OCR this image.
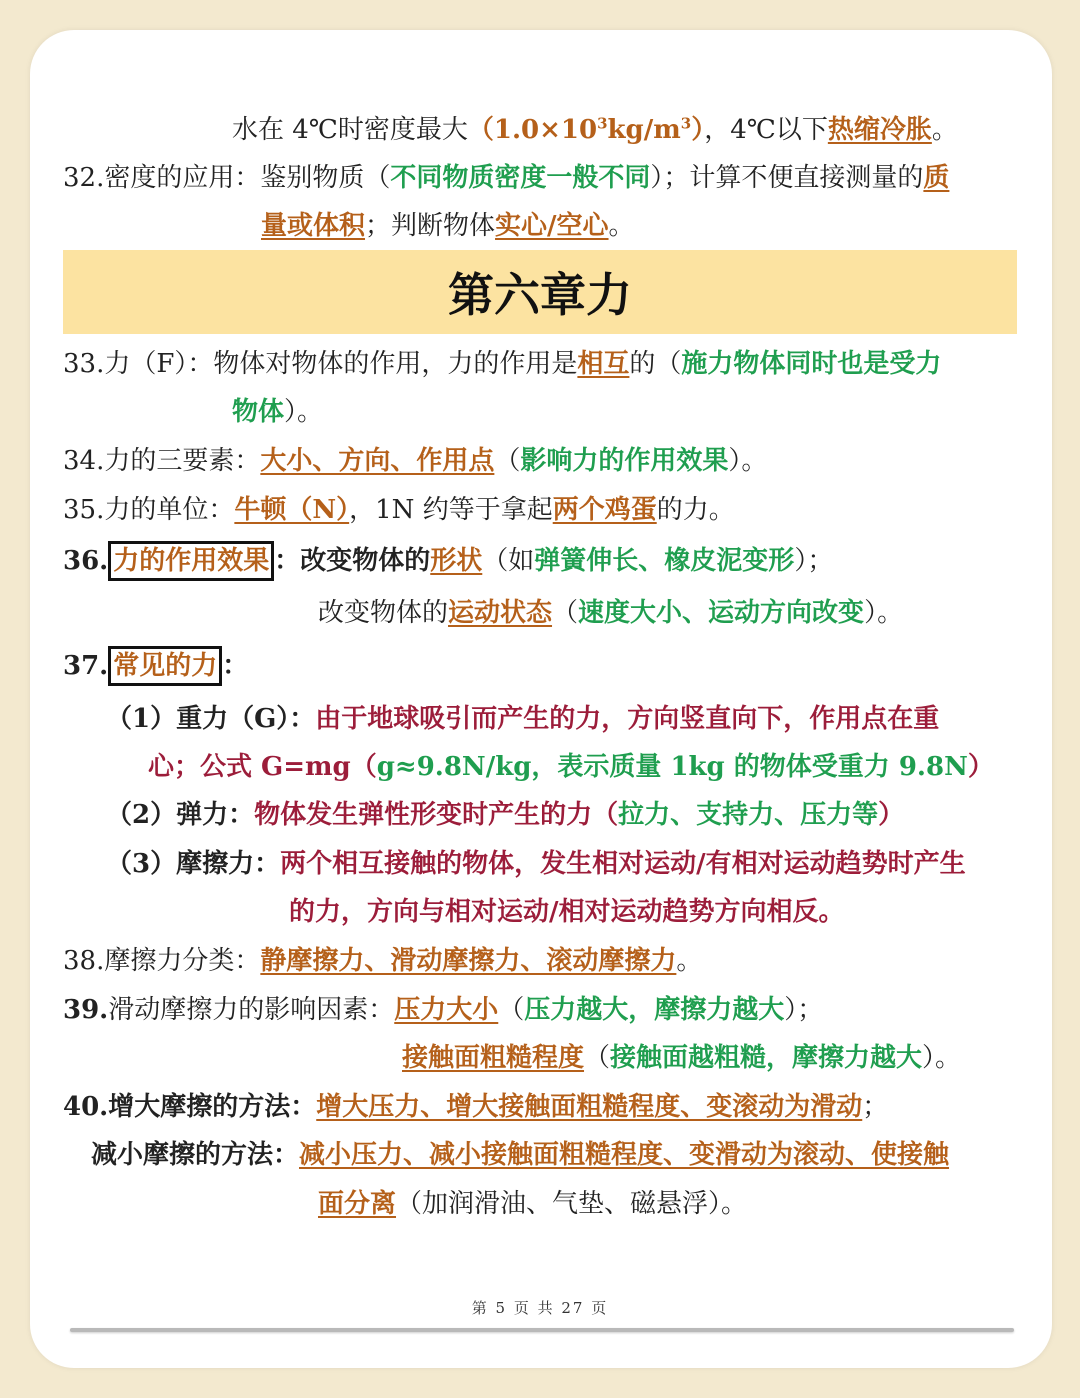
水在 4℃时密度最大$(1.0\times 10^3kg/m^3)$，4℃以下热缩冷胀。
32.密度的应用：鉴别物质（不同物质密度一般不同）；计算不便直接测量的质
量或体积；判断物体实心/空心。
第六章力
33.力（F）：物体对物体的作用，力的作用是相互的（施力物体同时也是受力
物体）。
34.力的三要素：大小、方向、作用点（影响力的作用效果）。
35.力的单位：牛顿（N），1N 约等于拿起两个鸡蛋的力。
36. 力的作用效果 ：改变物体的形状（如弹簧伸长、橡皮泥变形）；
改变物体的运动状态（速度大小、运动方向改变）。
37. 常见的力 ：
（1）重力（G）：由于地球吸引而产生的力，方向竖直向下，作用点在重
心；公式 G=mg（g≈9.8N/kg，表示质量 1kg 的物体受重力 9.8N）
（2）弹力：物体发生弹性形变时产生的力（拉力、支持力、压力等）
（3）摩擦力：两个相互接触的物体，发生相对运动/有相对运动趋势时产生
的力，方向与相对运动/相对运动趋势方向相反。
38.摩擦力分类：静摩擦力、滑动摩擦力、滚动摩擦力。
39.滑动摩擦力的影响因素：压力大小（压力越大，摩擦力越大）；
接触面粗糙程度（接触面越粗糙，摩擦力越大）。
40.增大摩擦的方法：增大压力、增大接触面粗糙程度、变滚动为滑动；
减小摩擦的方法：减小压力、减小接触面粗糙程度、变滑动为滚动、使接触
面分离（加润滑油、气垫、磁悬浮）。
第 5 页 共 27 页
